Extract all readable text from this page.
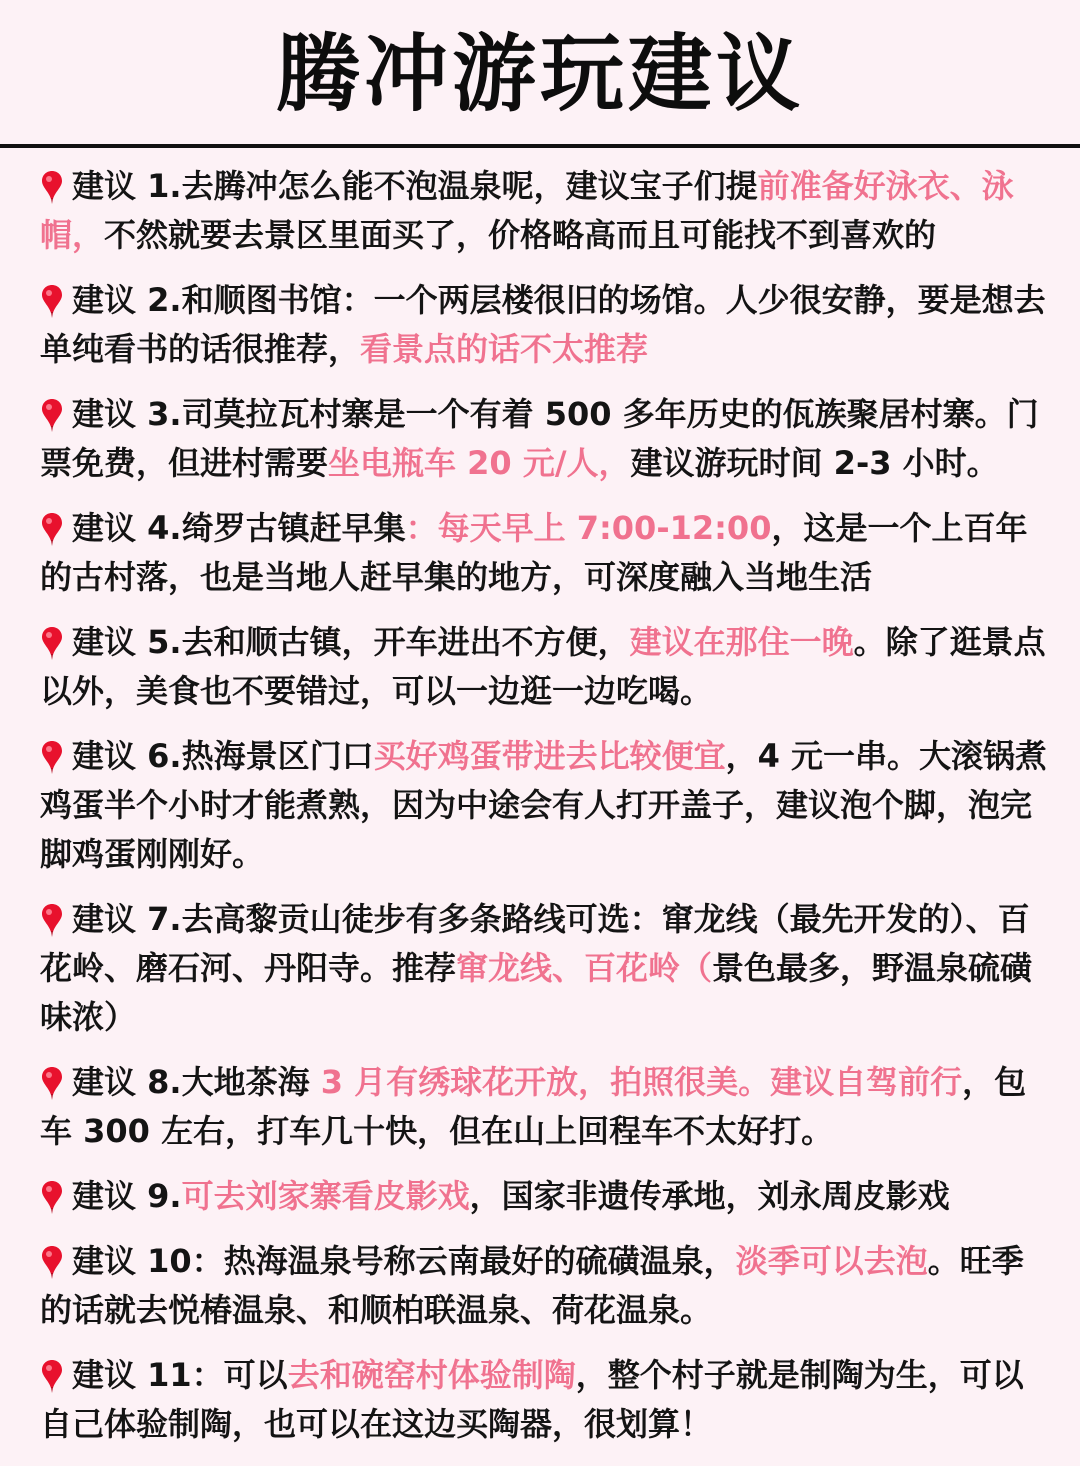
腾冲游玩建议

建议 1.去腾冲怎么能不泡温泉呢，建议宝子们提前准备好泳衣、泳帽，不然就要去景区里面买了，价格略高而且可能找不到喜欢的

建议 2.和顺图书馆：一个两层楼很旧的场馆。人少很安静，要是想去单纯看书的话很推荐，看景点的话不太推荐

建议 3.司莫拉瓦村寨是一个有着 500 多年历史的佤族聚居村寨。门票免费，但进村需要坐电瓶车 20 元/人，建议游玩时间 2-3 小时。

建议 4.绮罗古镇赶早集：每天早上 7:00-12:00，这是一个上百年的古村落，也是当地人赶早集的地方，可深度融入当地生活

建议 5.去和顺古镇，开车进出不方便，建议在那住一晚。除了逛景点以外，美食也不要错过，可以一边逛一边吃喝。

建议 6.热海景区门口买好鸡蛋带进去比较便宜，4 元一串。大滚锅煮鸡蛋半个小时才能煮熟，因为中途会有人打开盖子，建议泡个脚，泡完脚鸡蛋刚刚好。

建议 7.去高黎贡山徒步有多条路线可选：窜龙线（最先开发的）、百花岭、磨石河、丹阳寺。推荐窜龙线、百花岭（景色最多，野温泉硫磺味浓）

建议 8.大地茶海 3 月有绣球花开放，拍照很美。建议自驾前行，包车 300 左右，打车几十快，但在山上回程车不太好打。

建议 9.可去刘家寨看皮影戏，国家非遗传承地，刘永周皮影戏

建议 10：热海温泉号称云南最好的硫磺温泉，淡季可以去泡。旺季的话就去悦椿温泉、和顺柏联温泉、荷花温泉。

建议 11：可以去和碗窑村体验制陶，整个村子就是制陶为生，可以自己体验制陶，也可以在这边买陶器，很划算！
